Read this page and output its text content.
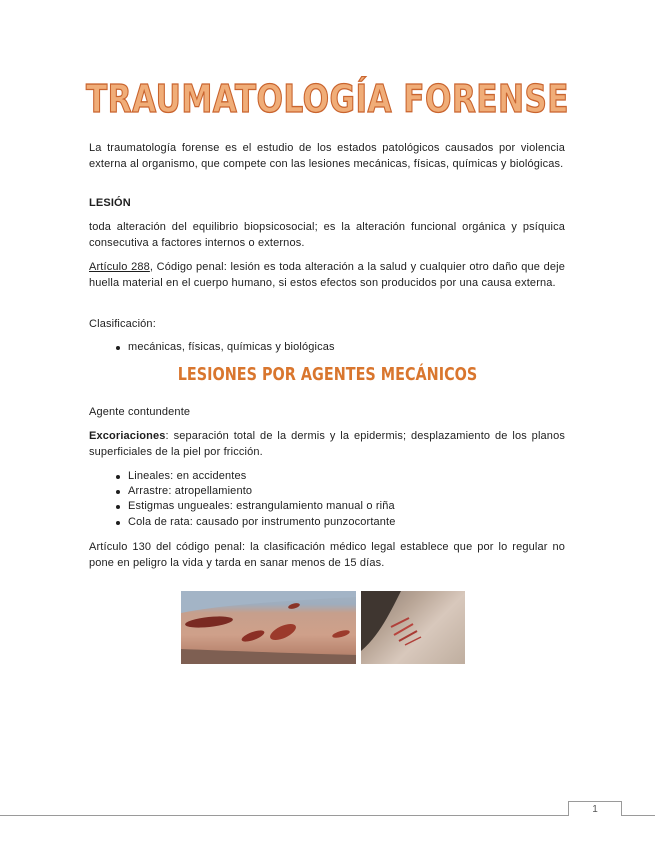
TRAUMATOLOGÍA FORENSE
La traumatología forense es el estudio de los estados patológicos causados por violencia externa al organismo, que compete con las lesiones mecánicas, físicas, químicas y biológicas.
LESIÓN
toda alteración del equilibrio biopsicosocial; es la alteración funcional orgánica y psíquica consecutiva a factores internos o externos.
Artículo 288, Código penal: lesión es toda alteración a la salud y cualquier otro daño que deje huella material en el cuerpo humano, si estos efectos son producidos por una causa externa.
Clasificación:
mecánicas, físicas, químicas y biológicas
LESIONES POR AGENTES MECÁNICOS
Agente contundente
Excoriaciones: separación total de la dermis y la epidermis; desplazamiento de los planos superficiales de la piel por fricción.
Lineales: en accidentes
Arrastre: atropellamiento
Estigmas ungueales: estrangulamiento manual o riña
Cola de rata: causado por instrumento punzocortante
Artículo 130 del código penal: la clasificación médico legal establece que por lo regular no pone en peligro la vida y tarda en sanar menos de 15 días.
1
